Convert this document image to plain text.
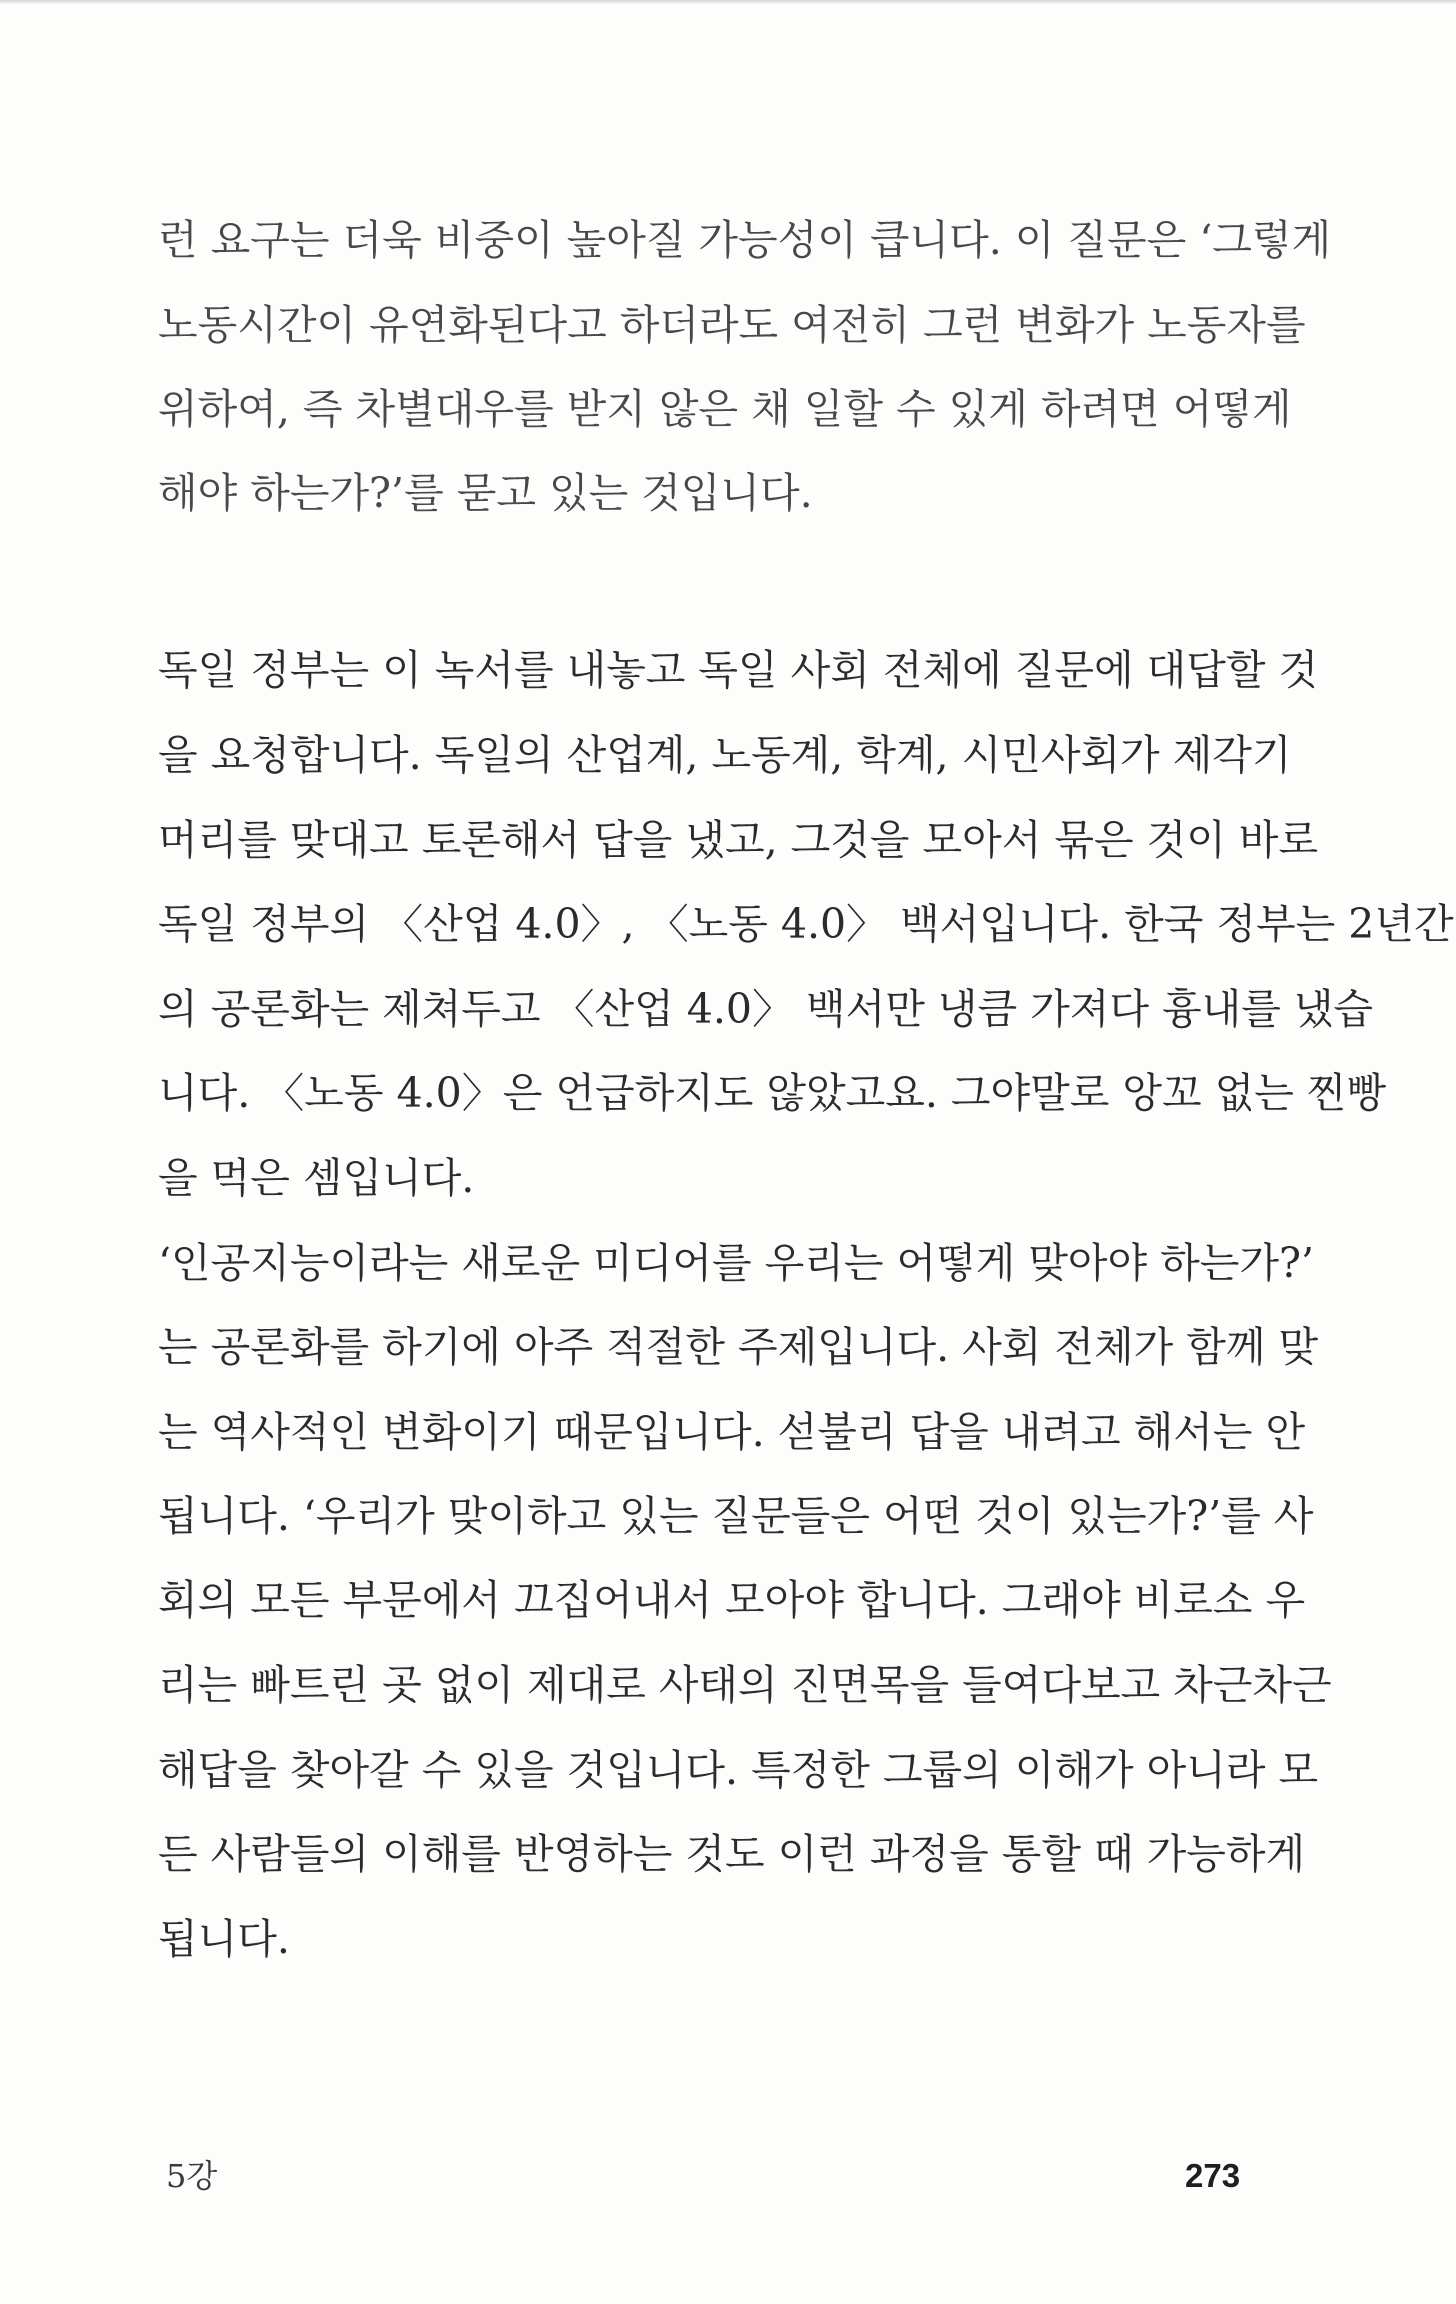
런 요구는 더욱 비중이 높아질 가능성이 큽니다. 이 질문은 ‘그렇게
노동시간이 유연화된다고 하더라도 여전히 그런 변화가 노동자를
위하여, 즉 차별대우를 받지 않은 채 일할 수 있게 하려면 어떻게
해야 하는가?’를 묻고 있는 것입니다.
독일 정부는 이 녹서를 내놓고 독일 사회 전체에 질문에 대답할 것
을 요청합니다. 독일의 산업계, 노동계, 학계, 시민사회가 제각기
머리를 맞대고 토론해서 답을 냈고, 그것을 모아서 묶은 것이 바로
독일 정부의 〈산업 4.0〉, 〈노동 4.0〉 백서입니다. 한국 정부는 2년간
의 공론화는 제쳐두고 〈산업 4.0〉 백서만 냉큼 가져다 흉내를 냈습
니다. 〈노동 4.0〉은 언급하지도 않았고요. 그야말로 앙꼬 없는 찐빵
을 먹은 셈입니다.
‘인공지능이라는 새로운 미디어를 우리는 어떻게 맞아야 하는가?’
는 공론화를 하기에 아주 적절한 주제입니다. 사회 전체가 함께 맞
는 역사적인 변화이기 때문입니다. 섣불리 답을 내려고 해서는 안
됩니다. ‘우리가 맞이하고 있는 질문들은 어떤 것이 있는가?’를 사
회의 모든 부문에서 끄집어내서 모아야 합니다. 그래야 비로소 우
리는 빠트린 곳 없이 제대로 사태의 진면목을 들여다보고 차근차근
해답을 찾아갈 수 있을 것입니다. 특정한 그룹의 이해가 아니라 모
든 사람들의 이해를 반영하는 것도 이런 과정을 통할 때 가능하게
됩니다.
5강	273
